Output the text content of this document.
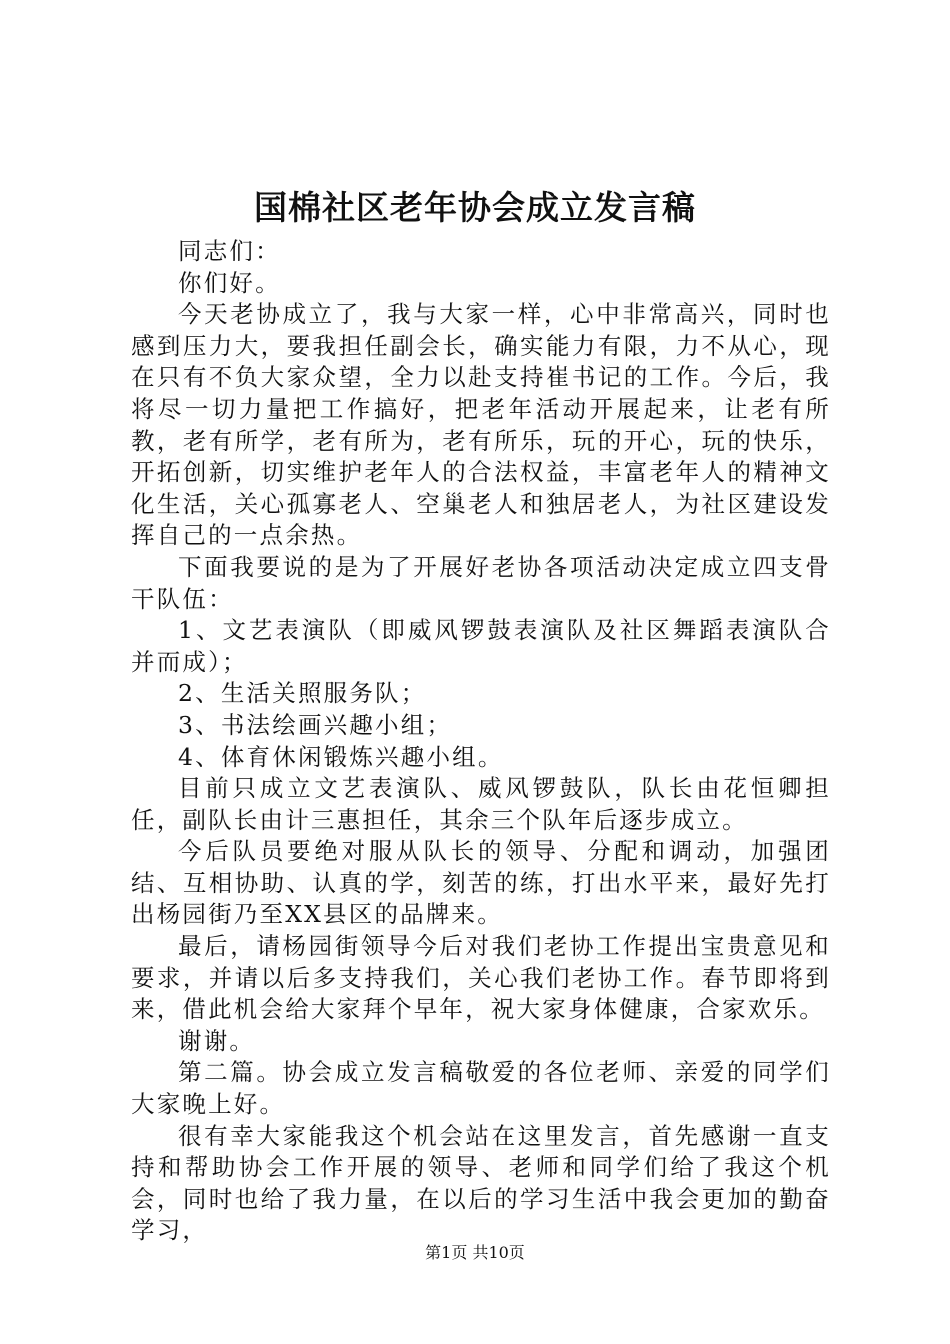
国棉社区老年协会成立发言稿

同志们：

你们好。

今天老协成立了，我与大家一样，心中非常高兴，同时也感到压力大，要我担任副会长，确实能力有限，力不从心，现在只有不负大家众望，全力以赴支持崔书记的工作。今后，我将尽一切力量把工作搞好，把老年活动开展起来，让老有所教，老有所学，老有所为，老有所乐，玩的开心，玩的快乐，开拓创新，切实维护老年人的合法权益，丰富老年人的精神文化生活，关心孤寡老人、空巢老人和独居老人，为社区建设发挥自己的一点余热。

下面我要说的是为了开展好老协各项活动决定成立四支骨干队伍：

1、文艺表演队（即威风锣鼓表演队及社区舞蹈表演队合并而成）；

2、生活关照服务队；

3、书法绘画兴趣小组；

4、体育休闲锻炼兴趣小组。

目前只成立文艺表演队、威风锣鼓队，队长由花恒卿担任，副队长由计三惠担任，其余三个队年后逐步成立。

今后队员要绝对服从队长的领导、分配和调动，加强团结、互相协助、认真的学，刻苦的练，打出水平来，最好先打出杨园街乃至XX县区的品牌来。

最后，请杨园街领导今后对我们老协工作提出宝贵意见和要求，并请以后多支持我们，关心我们老协工作。春节即将到来，借此机会给大家拜个早年，祝大家身体健康，合家欢乐。

谢谢。

第二篇。协会成立发言稿敬爱的各位老师、亲爱的同学们大家晚上好。

很有幸大家能我这个机会站在这里发言，首先感谢一直支持和帮助协会工作开展的领导、老师和同学们给了我这个机会，同时也给了我力量，在以后的学习生活中我会更加的勤奋学习，

第1页 共10页
